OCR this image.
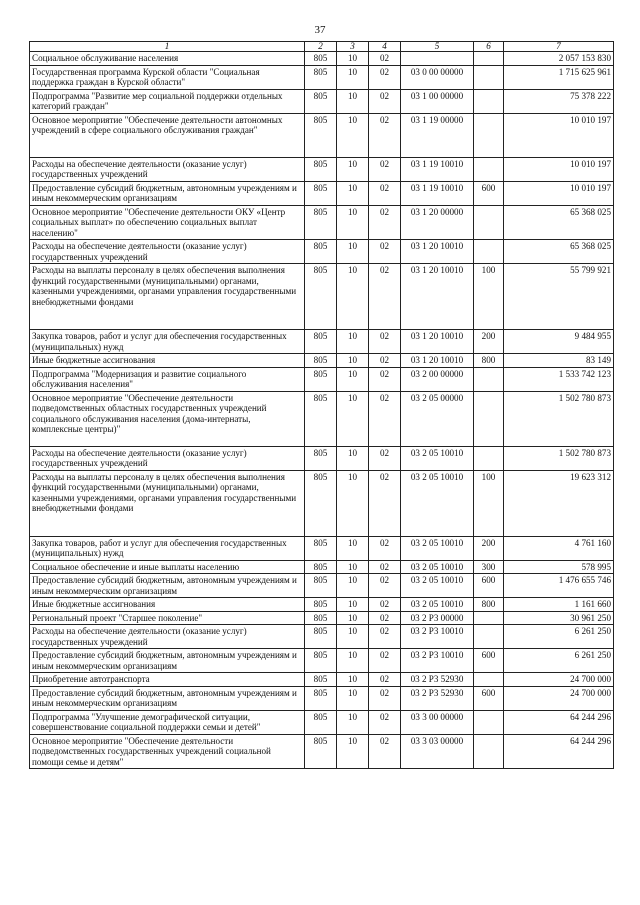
37
1	2	3	4	5	6	7
Социальное обслуживание населения	805	10	02			2 057 153 830
Государственная программа Курской области "Социальная поддержка граждан в Курской области"	805	10	02	03 0 00 00000		1 715 625 961
Подпрограмма "Развитие мер социальной поддержки отдельных категорий граждан"	805	10	02	03 1 00 00000		75 378 222
Основное мероприятие "Обеспечение деятельности автономных учреждений в сфере социального обслуживания граждан"	805	10	02	03 1 19 00000		10 010 197
Расходы на обеспечение деятельности (оказание услуг) государственных учреждений	805	10	02	03 1 19 10010		10 010 197
Предоставление субсидий бюджетным, автономным учреждениям и иным некоммерческим организациям	805	10	02	03 1 19 10010	600	10 010 197
Основное мероприятие "Обеспечение деятельности ОКУ «Центр социальных выплат» по обеспечению социальных выплат населению"	805	10	02	03 1 20 00000		65 368 025
Расходы на обеспечение деятельности (оказание услуг) государственных учреждений	805	10	02	03 1 20 10010		65 368 025
Расходы на выплаты персоналу в целях обеспечения выполнения функций государственными (муниципальными) органами, казенными учреждениями, органами управления государственными внебюджетными фондами	805	10	02	03 1 20 10010	100	55 799 921
Закупка товаров, работ и услуг для обеспечения государственных (муниципальных) нужд	805	10	02	03 1 20 10010	200	9 484 955
Иные бюджетные ассигнования	805	10	02	03 1 20 10010	800	83 149
Подпрограмма "Модернизация и развитие социального обслуживания населения"	805	10	02	03 2 00 00000		1 533 742 123
Основное мероприятие "Обеспечение деятельности подведомственных областных государственных учреждений социального обслуживания населения (дома-интернаты, комплексные центры)"	805	10	02	03 2 05 00000		1 502 780 873
Расходы на обеспечение деятельности (оказание услуг) государственных учреждений	805	10	02	03 2 05 10010		1 502 780 873
Расходы на выплаты персоналу в целях обеспечения выполнения функций государственными (муниципальными) органами, казенными учреждениями, органами управления государственными внебюджетными фондами	805	10	02	03 2 05 10010	100	19 623 312
Закупка товаров, работ и услуг для обеспечения государственных (муниципальных) нужд	805	10	02	03 2 05 10010	200	4 761 160
Социальное обеспечение и иные выплаты населению	805	10	02	03 2 05 10010	300	578 995
Предоставление субсидий бюджетным, автономным учреждениям и иным некоммерческим организациям	805	10	02	03 2 05 10010	600	1 476 655 746
Иные бюджетные ассигнования	805	10	02	03 2 05 10010	800	1 161 660
Региональный проект "Старшее поколение"	805	10	02	03 2 P3 00000		30 961 250
Расходы на обеспечение деятельности (оказание услуг) государственных учреждений	805	10	02	03 2 P3 10010		6 261 250
Предоставление субсидий бюджетным, автономным учреждениям и иным некоммерческим организациям	805	10	02	03 2 P3 10010	600	6 261 250
Приобретение автотранспорта	805	10	02	03 2 P3 52930		24 700 000
Предоставление субсидий бюджетным, автономным учреждениям и иным некоммерческим организациям	805	10	02	03 2 P3 52930	600	24 700 000
Подпрограмма "Улучшение демографической ситуации, совершенствование социальной поддержки семьи и детей"	805	10	02	03 3 00 00000		64 244 296
Основное мероприятие "Обеспечение деятельности подведомственных государственных учреждений социальной помощи семье и детям"	805	10	02	03 3 03 00000		64 244 296
